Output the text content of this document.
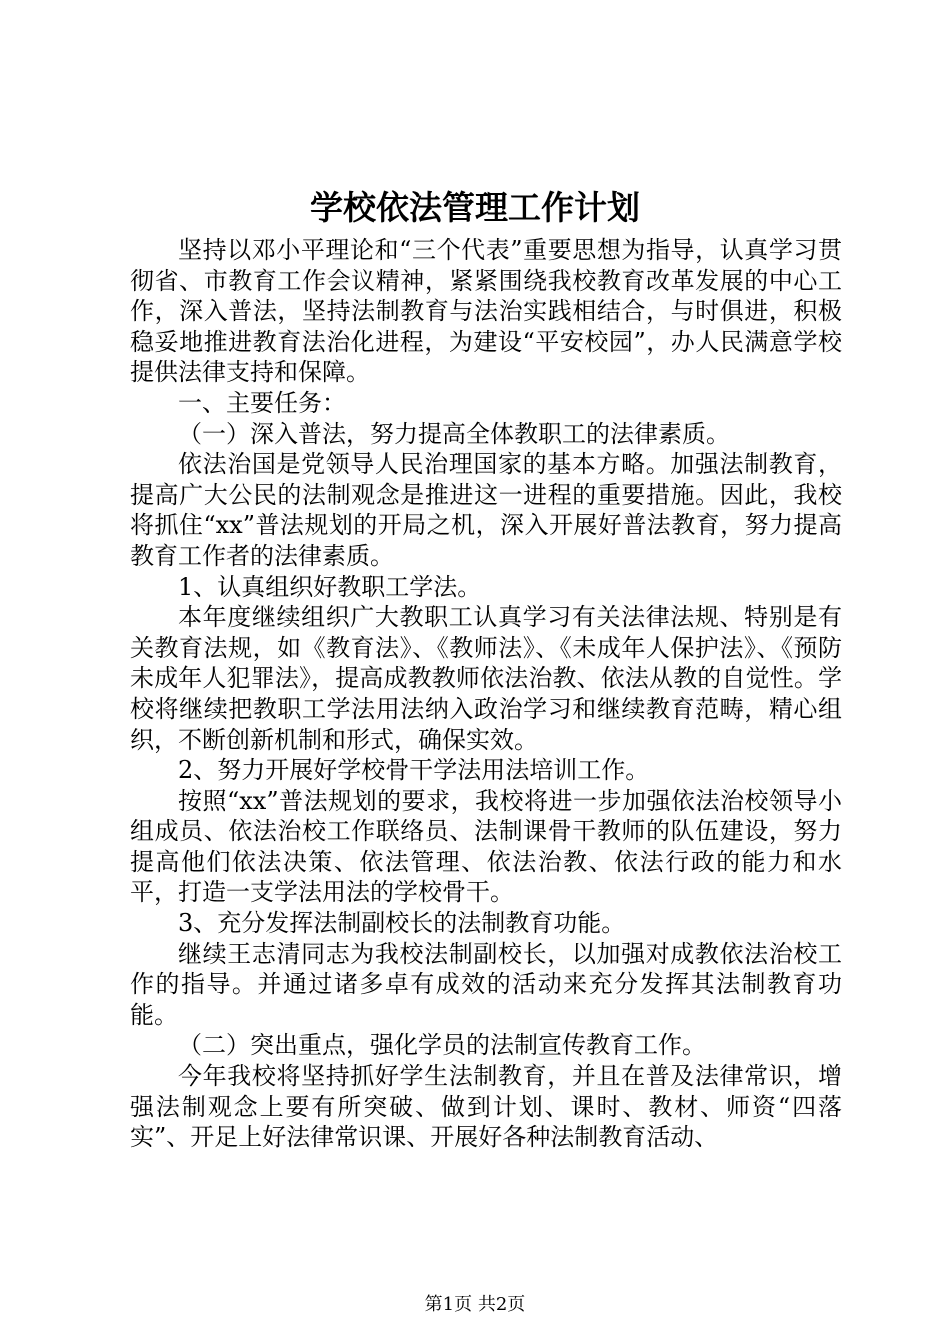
学校依法管理工作计划

坚持以邓小平理论和“三个代表”重要思想为指导，认真学习贯彻省、市教育工作会议精神，紧紧围绕我校教育改革发展的中心工作，深入普法，坚持法制教育与法治实践相结合，与时俱进，积极稳妥地推进教育法治化进程，为建设“平安校园”，办人民满意学校提供法律支持和保障。

一、主要任务：

（一）深入普法，努力提高全体教职工的法律素质。

依法治国是党领导人民治理国家的基本方略。加强法制教育，提高广大公民的法制观念是推进这一进程的重要措施。因此，我校将抓住“xx”普法规划的开局之机，深入开展好普法教育，努力提高教育工作者的法律素质。

1、认真组织好教职工学法。

本年度继续组织广大教职工认真学习有关法律法规、特别是有关教育法规，如《教育法》、《教师法》、《未成年人保护法》、《预防未成年人犯罪法》，提高成教教师依法治教、依法从教的自觉性。学校将继续把教职工学法用法纳入政治学习和继续教育范畴，精心组织，不断创新机制和形式，确保实效。

2、努力开展好学校骨干学法用法培训工作。

按照“xx”普法规划的要求，我校将进一步加强依法治校领导小组成员、依法治校工作联络员、法制课骨干教师的队伍建设，努力提高他们依法决策、依法管理、依法治教、依法行政的能力和水平，打造一支学法用法的学校骨干。

3、充分发挥法制副校长的法制教育功能。

继续王志清同志为我校法制副校长，以加强对成教依法治校工作的指导。并通过诸多卓有成效的活动来充分发挥其法制教育功能。

（二）突出重点，强化学员的法制宣传教育工作。

今年我校将坚持抓好学生法制教育，并且在普及法律常识，增强法制观念上要有所突破、做到计划、课时、教材、师资“四落实”、开足上好法律常识课、开展好各种法制教育活动、

第1页 共2页
